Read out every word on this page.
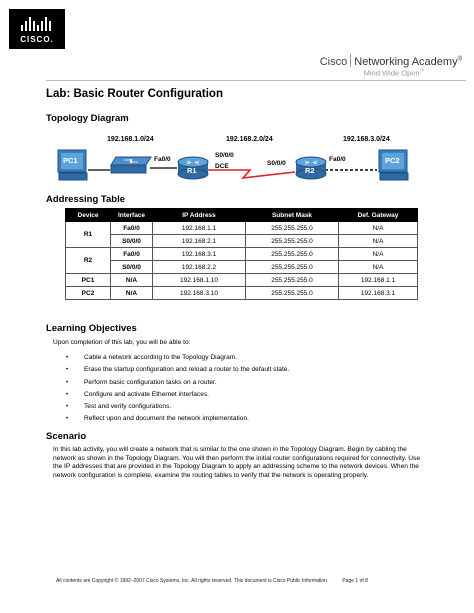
CISCO.
Cisco Networking Academy®
Mind Wide Open™
Lab: Basic Router Configuration
Topology Diagram
192.168.1.0/24	192.168.2.0/24	192.168.3.0/24
PC1	Fa0/0
R1
S0/0/0
DCE	S0/0/0
R2
Fa0/0	PC2
Addressing Table
Device	Interface	IP Address	Subnet Mask	Def. Gateway
R1	Fa0/0	192.168.1.1	255.255.255.0	N/A
	S0/0/0	192.168.2.1	255.255.255.0	N/A
R2	Fa0/0	192.168.3.1	255.255.255.0	N/A
	S0/0/0	192.168.2.2	255.255.255.0	N/A
PC1	N/A	192.168.1.10	255.255.255.0	192.168.1.1
PC2	N/A	192.168.3.10	255.255.255.0	192.168.3.1
Learning Objectives
Upon completion of this lab, you will be able to:
• Cable a network according to the Topology Diagram.
• Erase the startup configuration and reload a router to the default state.
• Perform basic configuration tasks on a router.
• Configure and activate Ethernet interfaces.
• Test and verify configurations.
• Reflect upon and document the network implementation.
Scenario

In this lab activity, you will create a network that is similar to the one shown in the Topology Diagram. Begin by cabling the network as shown in the Topology Diagram. You will then perform the initial router configurations required for connectivity. Use the IP addresses that are provided in the Topology Diagram to apply an addressing scheme to the network devices. When the network configuration is complete, examine the routing tables to verify that the network is operating properly.

All contents are Copyright © 1992–2007 Cisco Systems, Inc. All rights reserved. This document is Cisco Public Information.	Page 1 of 8
